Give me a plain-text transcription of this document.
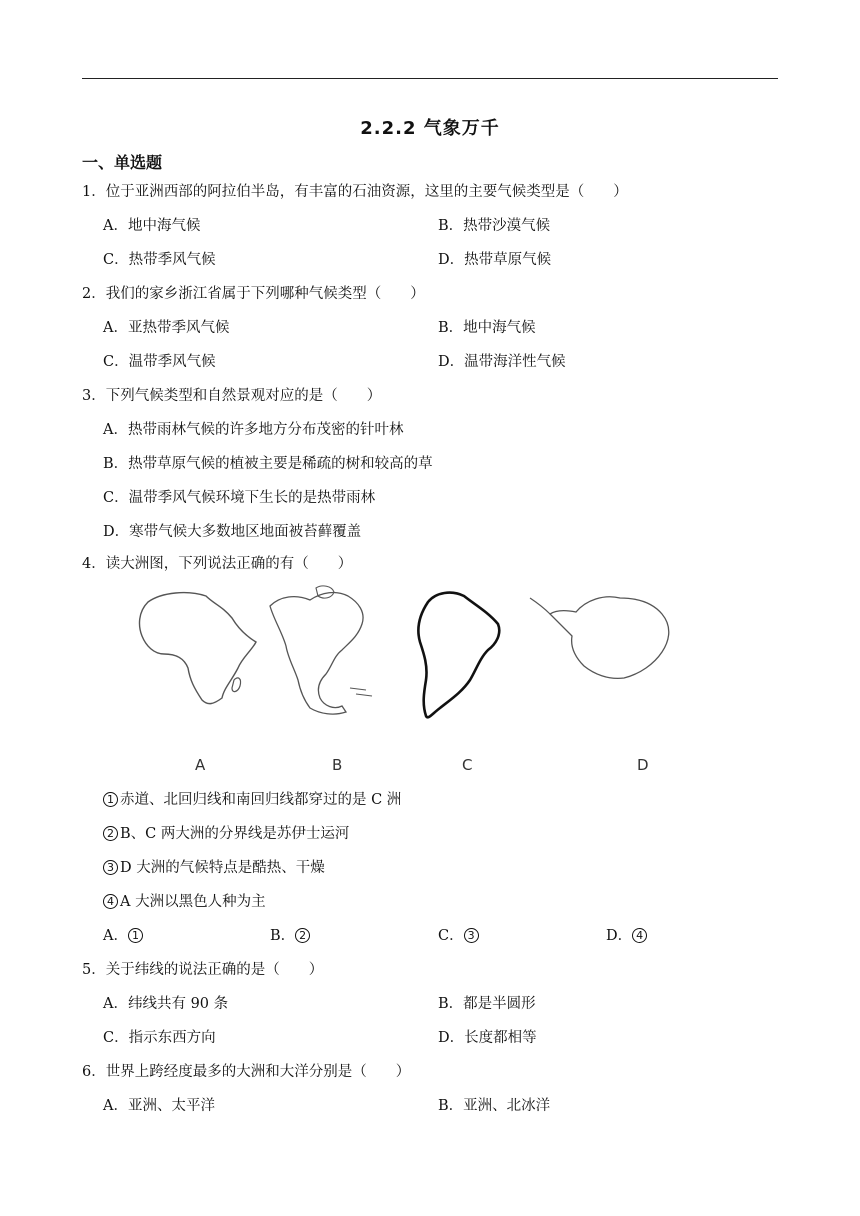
2.2.2 气象万千
一、单选题
1．位于亚洲西部的阿拉伯半岛，有丰富的石油资源，这里的主要气候类型是（　　）
A．地中海气候	B．热带沙漠气候
C．热带季风气候	D．热带草原气候
2．我们的家乡浙江省属于下列哪种气候类型（　　）
A．亚热带季风气候	B．地中海气候
C．温带季风气候	D．温带海洋性气候
3．下列气候类型和自然景观对应的是（　　）
A．热带雨林气候的许多地方分布茂密的针叶林
B．热带草原气候的植被主要是稀疏的树和较高的草
C．温带季风气候环境下生长的是热带雨林
D．寒带气候大多数地区地面被苔藓覆盖
4．读大洲图，下列说法正确的有（　　）
A	B	C	D
1 赤道、北回归线和南回归线都穿过的是 C 洲
2 B、C 两大洲的分界线是苏伊士运河
3 D 大洲的气候特点是酷热、干燥
4 A 大洲以黑色人种为主
A． 1	B． 2	C． 3	D． 4
5．关于纬线的说法正确的是（　　）
A．纬线共有 90 条	B．都是半圆形
C．指示东西方向	D．长度都相等
6．世界上跨经度最多的大洲和大洋分别是（　　）
A．亚洲、太平洋	B．亚洲、北冰洋
